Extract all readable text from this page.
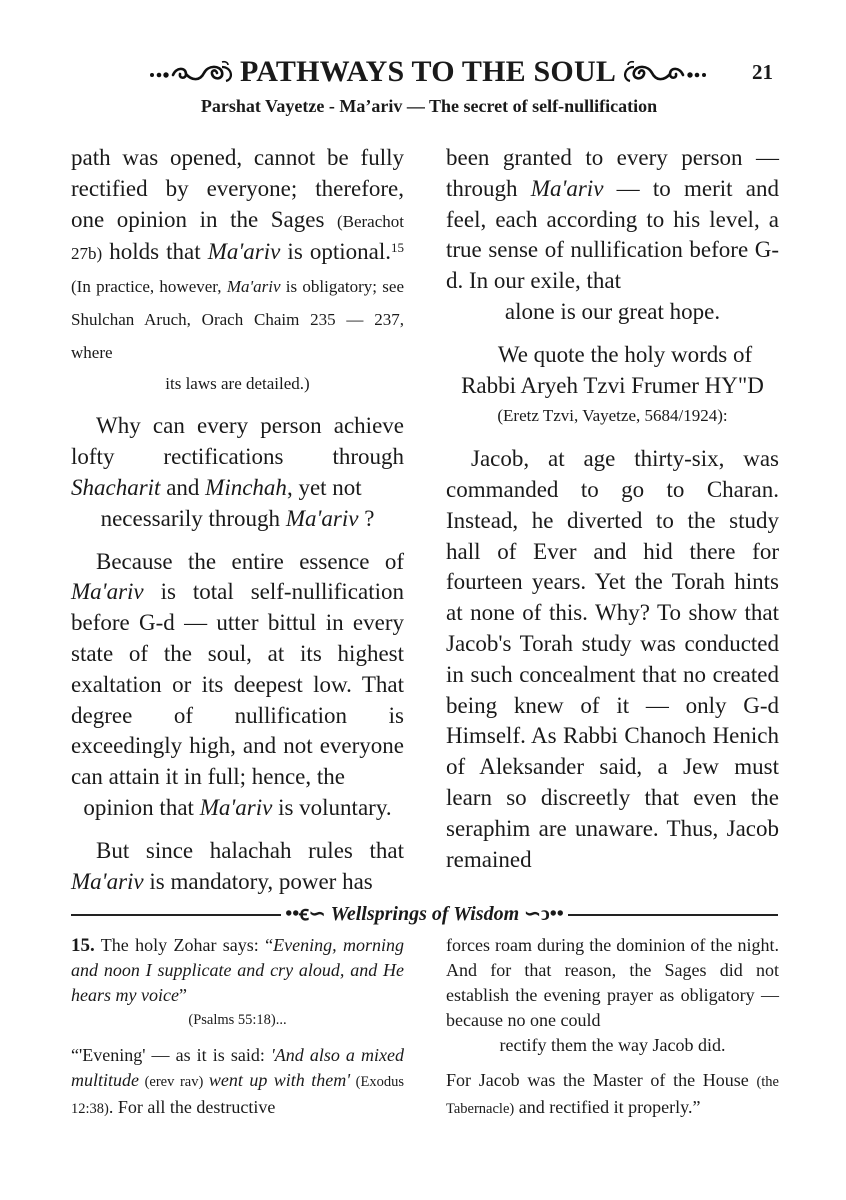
PATHWAYS TO THE SOUL	21
Parshat Vayetze - Ma’ariv — The secret of self-nullification

path was opened, cannot be fully rectified by everyone; therefore, one opinion in the Sages (Berachot 27b) holds that Ma'ariv is optional.$^{15}$ (In practice, however, Ma'ariv is obligatory; see Shulchan Aruch, Orach Chaim 235 — 237, where
its laws are detailed.)

Why can every person achieve lofty rectifications through Shacharit and Minchah, yet not
necessarily through Ma'ariv ?

Because the entire essence of Ma'ariv is total self-nullification before G-d — utter bittul in every state of the soul, at its highest exaltation or its deepest low. That degree of nullification is exceedingly high, and not everyone can attain it in full; hence, the
opinion that Ma'ariv is voluntary.

But since halachah rules that Ma'ariv is mandatory, power has

been granted to every person — through Ma'ariv — to merit and feel, each according to his level, a true sense of nullification before G-d. In our exile, that
alone is our great hope.

We quote the holy words of Rabbi Aryeh Tzvi Frumer HY"D
(Eretz Tzvi, Vayetze, 5684/1924):

Jacob, at age thirty-six, was commanded to go to Charan. Instead, he diverted to the study hall of Ever and hid there for fourteen years. Yet the Torah hints at none of this. Why? To show that Jacob's Torah study was conducted in such concealment that no created being knew of it — only G-d Himself. As Rabbi Chanoch Henich of Aleksander said, a Jew must learn so discreetly that even the seraphim are unaware. Thus, Jacob remained

••ꞓ∽ Wellsprings of Wisdom ∽ↄ••

15. The holy Zohar says: “Evening, morning and noon I supplicate and cry aloud, and He hears my voice”
(Psalms 55:18)...

“'Evening' — as it is said: 'And also a mixed multitude (erev rav) went up with them' (Exodus 12:38). For all the destructive

forces roam during the dominion of the night. And for that reason, the Sages did not establish the evening prayer as obligatory — because no one could
rectify them the way Jacob did.

For Jacob was the Master of the House (the Tabernacle) and rectified it properly.”
